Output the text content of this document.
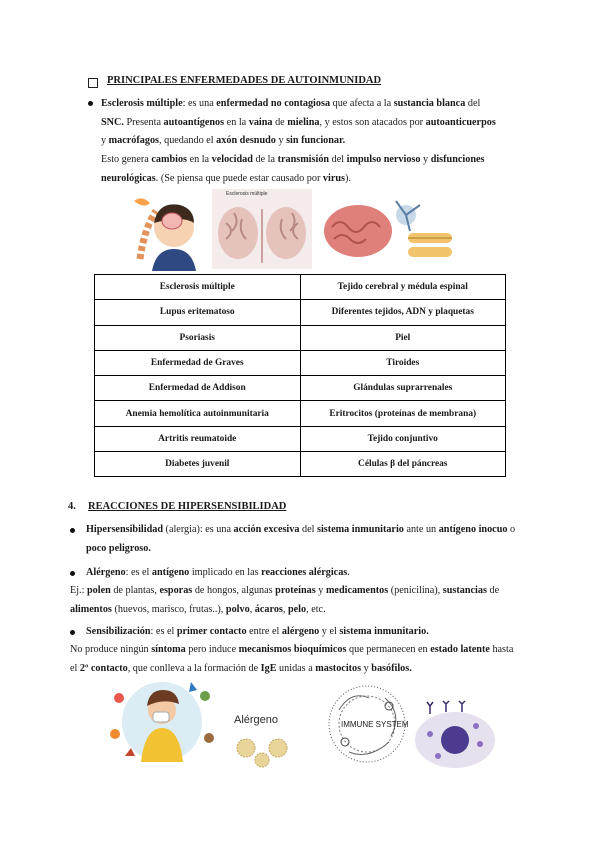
PRINCIPALES ENFERMEDADES DE AUTOINMUNIDAD

Esclerosis múltiple: es una enfermedad no contagiosa que afecta a la sustancia blanca del SNC. Presenta autoantígenos en la vaina de mielina, y estos son atacados por autoanticuerpos y macrófagos, quedando el axón desnudo y sin funcionar.

Esto genera cambios en la velocidad de la transmisión del impulso nervioso y disfunciones neurológicas. (Se piensa que puede estar causado por virus).

Esclerosis múltiple
Esclerosis múltiple	Tejido cerebral y médula espinal
Lupus eritematoso	Diferentes tejidos, ADN y plaquetas
Psoriasis	Piel
Enfermedad de Graves	Tiroides
Enfermedad de Addison	Glándulas suprarrenales
Anemia hemolítica autoinmunitaria	Eritrocitos (proteínas de membrana)
Artritis reumatoide	Tejido conjuntivo
Diabetes juvenil	Células β del páncreas
4. REACCIONES DE HIPERSENSIBILIDAD

Hipersensibilidad (alergia): es una acción excesiva del sistema inmunitario ante un antígeno inocuo o poco peligroso.

Alérgeno: es el antígeno implicado en las reacciones alérgicas.

Ej.: polen de plantas, esporas de hongos, algunas proteínas y medicamentos (penicilina), sustancias de alimentos (huevos, marisco, frutas..), polvo, ácaros, pelo, etc.

Sensibilización: es el primer contacto entre el alérgeno y el sistema inmunitario.

No produce ningún síntoma pero induce mecanismos bioquímicos que permanecen en estado latente hasta el 2º contacto, que conlleva a la formación de IgE unidas a mastocitos y basófilos.

Alérgeno	IMMUNE SYSTEM
